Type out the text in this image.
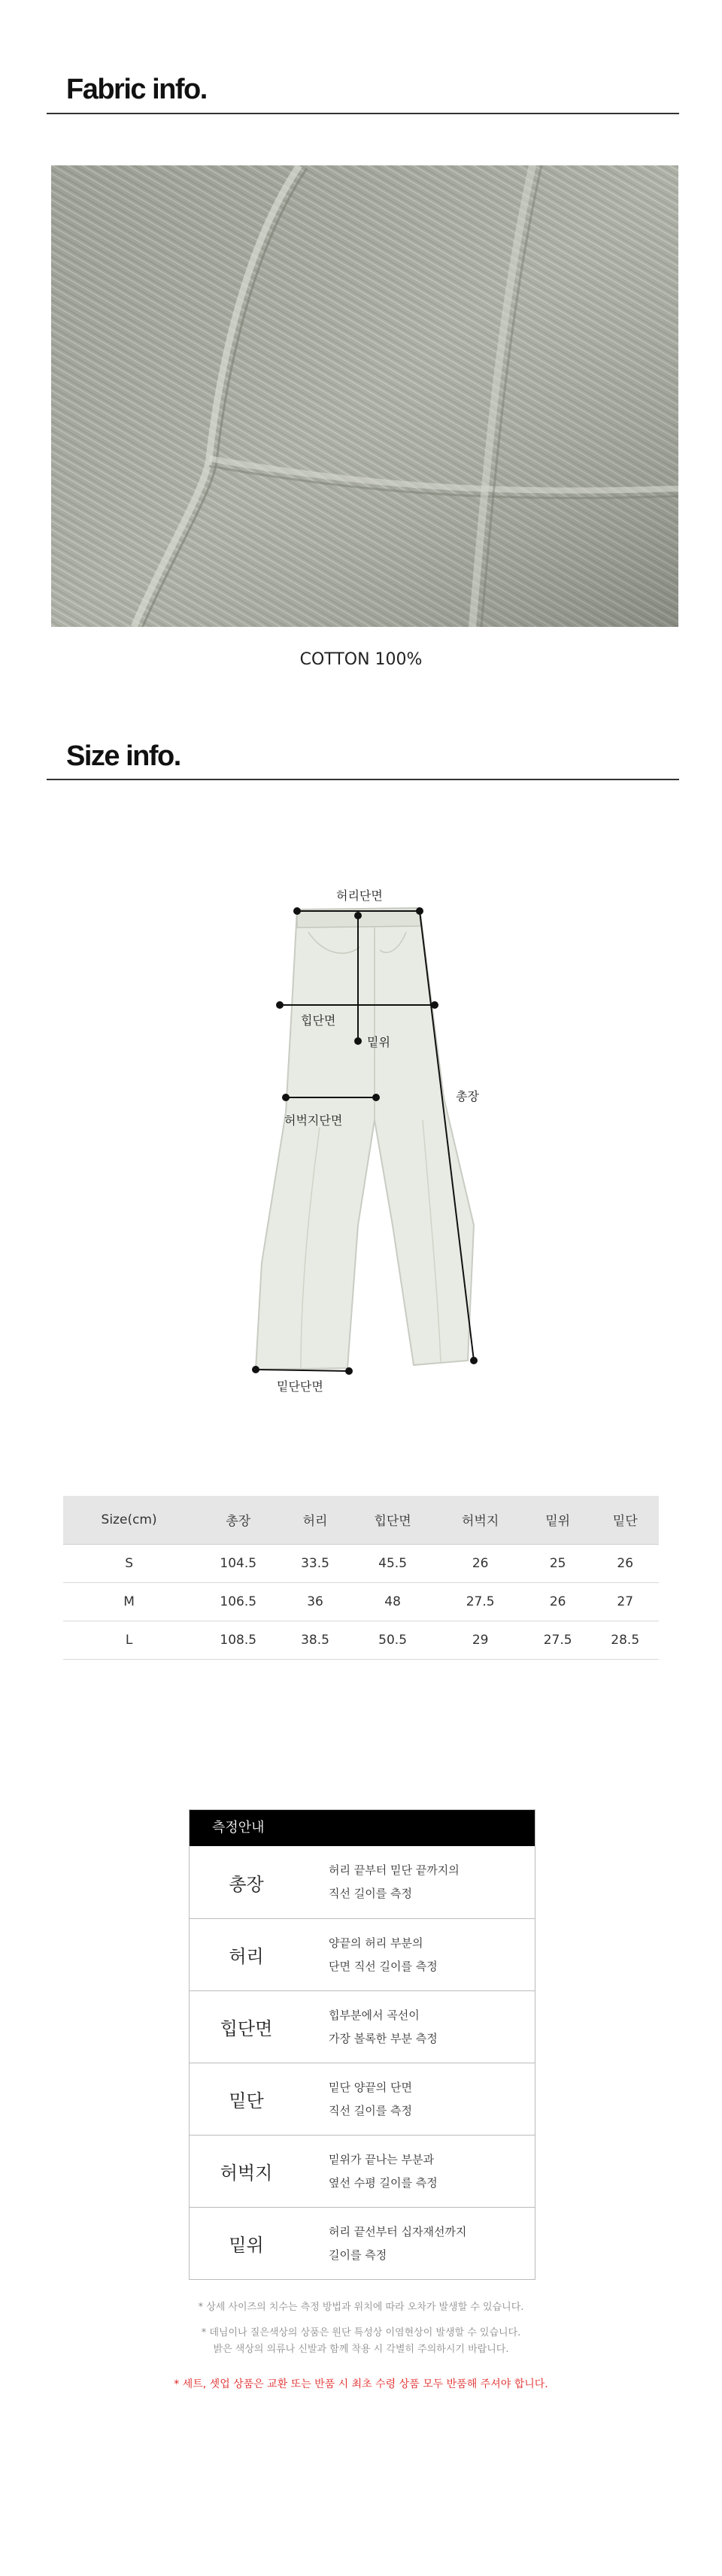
Fabric info.
COTTON 100%
Size info.
허리단면
힙단면
밑위
허벅지단면
총장
밑단단면
Size(cm)	총장	허리	힙단면	허벅지	밑위	밑단
S	104.5	33.5	45.5	26	25	26
M	106.5	36	48	27.5	26	27
L	108.5	38.5	50.5	29	27.5	28.5
측정안내
총장
허리 끝부터 밑단 끝까지의
직선 길이를 측정
허리
양끝의 허리 부분의
단면 직선 길이를 측정
힙단면
힙부분에서 곡선이
가장 볼록한 부분 측정
밑단
밑단 양끝의 단면
직선 길이를 측정
허벅지
밑위가 끝나는 부분과
옆선 수평 길이를 측정
밑위
허리 끝선부터 십자재선까지
길이를 측정
* 상세 사이즈의 치수는 측정 방법과 위치에 따라 오차가 발생할 수 있습니다.
* 데님이나 질은색상의 상품은 원단 특성상 이염현상이 발생할 수 있습니다.
밝은 색상의 의류나 신발과 함께 착용 시 각별히 주의하시기 바랍니다.
* 세트, 셋업 상품은 교환 또는 반품 시 최초 수령 상품 모두 반품해 주셔야 합니다.
